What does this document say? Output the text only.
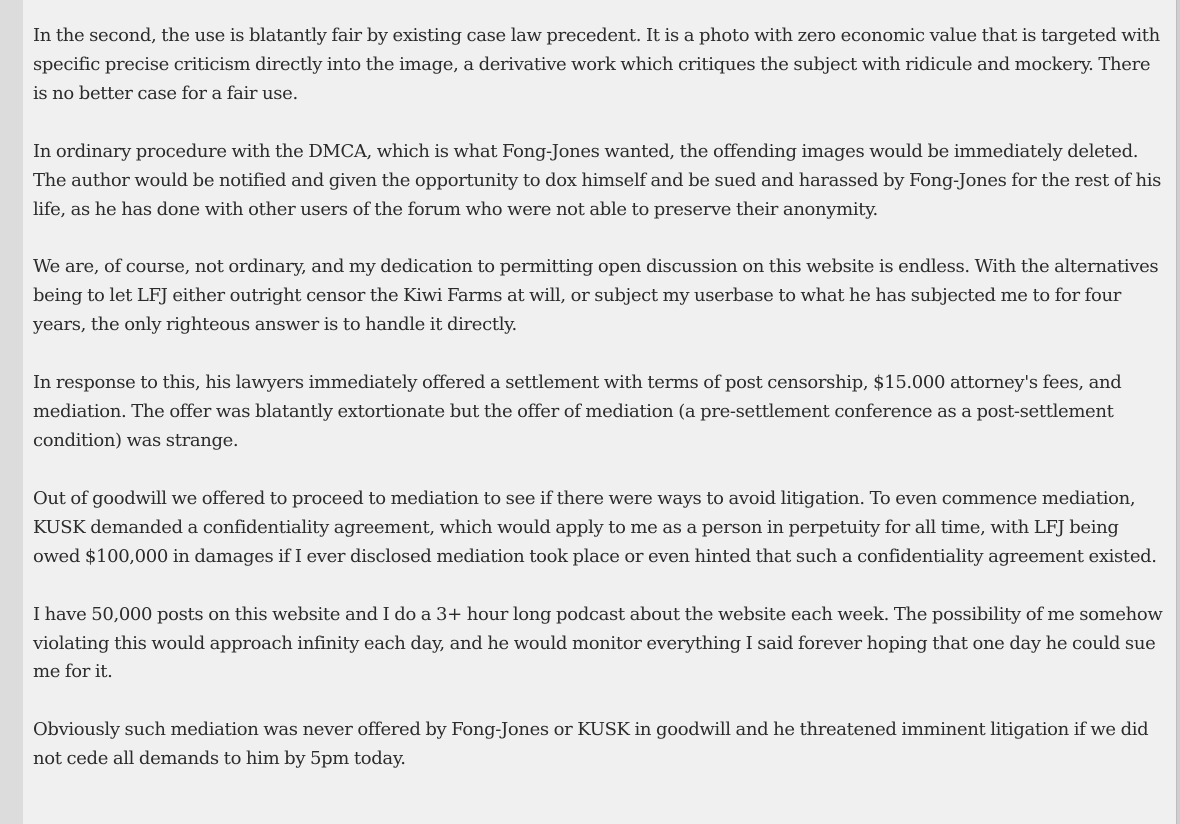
In the second, the use is blatantly fair by existing case law precedent. It is a photo with zero economic value that is targeted with specific precise criticism directly into the image, a derivative work which critiques the subject with ridicule and mockery. There is no better case for a fair use.

In ordinary procedure with the DMCA, which is what Fong-Jones wanted, the offending images would be immediately deleted. The author would be notified and given the opportunity to dox himself and be sued and harassed by Fong-Jones for the rest of his life, as he has done with other users of the forum who were not able to preserve their anonymity.

We are, of course, not ordinary, and my dedication to permitting open discussion on this website is endless. With the alternatives being to let LFJ either outright censor the Kiwi Farms at will, or subject my userbase to what he has subjected me to for four years, the only righteous answer is to handle it directly.

In response to this, his lawyers immediately offered a settlement with terms of post censorship, $15.000 attorney's fees, and mediation. The offer was blatantly extortionate but the offer of mediation (a pre-settlement conference as a post-settlement condition) was strange.

Out of goodwill we offered to proceed to mediation to see if there were ways to avoid litigation. To even commence mediation, KUSK demanded a confidentiality agreement, which would apply to me as a person in perpetuity for all time, with LFJ being owed $100,000 in damages if I ever disclosed mediation took place or even hinted that such a confidentiality agreement existed.

I have 50,000 posts on this website and I do a 3+ hour long podcast about the website each week. The possibility of me somehow violating this would approach infinity each day, and he would monitor everything I said forever hoping that one day he could sue me for it.

Obviously such mediation was never offered by Fong-Jones or KUSK in goodwill and he threatened imminent litigation if we did not cede all demands to him by 5pm today.
